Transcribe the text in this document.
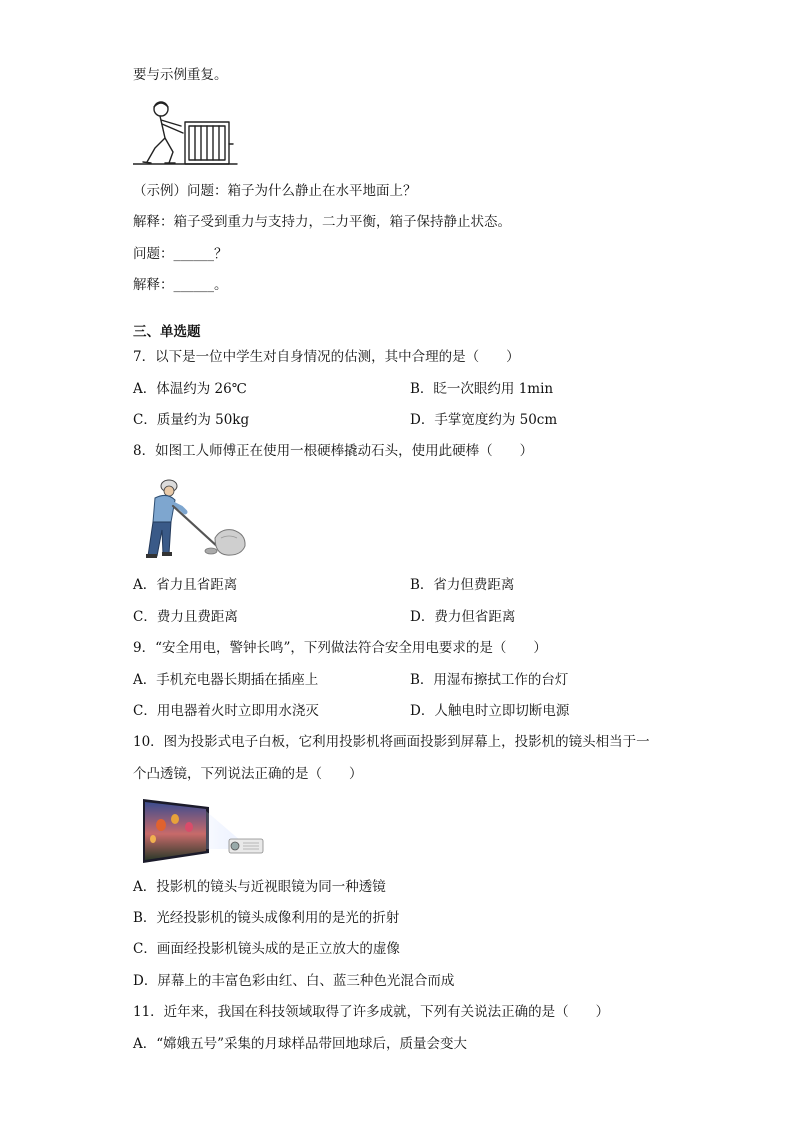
要与示例重复。
（示例）问题：箱子为什么静止在水平地面上？
解释：箱子受到重力与支持力，二力平衡，箱子保持静止状态。
问题：______？
解释：______。
三、单选题
7．以下是一位中学生对自身情况的估测，其中合理的是（　　）
A．体温约为 26℃	B．眨一次眼约用 1min
C．质量约为 50kg	D．手掌宽度约为 50cm
8．如图工人师傅正在使用一根硬棒撬动石头，使用此硬棒（　　）
A．省力且省距离	B．省力但费距离
C．费力且费距离	D．费力但省距离
9．“安全用电，警钟长鸣”，下列做法符合安全用电要求的是（　　）
A．手机充电器长期插在插座上	B．用湿布擦拭工作的台灯
C．用电器着火时立即用水浇灭	D．人触电时立即切断电源
10．图为投影式电子白板，它利用投影机将画面投影到屏幕上，投影机的镜头相当于一
个凸透镜，下列说法正确的是（　　）
A．投影机的镜头与近视眼镜为同一种透镜
B．光经投影机的镜头成像利用的是光的折射
C．画面经投影机镜头成的是正立放大的虚像
D．屏幕上的丰富色彩由红、白、蓝三种色光混合而成
11．近年来，我国在科技领域取得了许多成就，下列有关说法正确的是（　　）
A．“嫦娥五号”采集的月球样品带回地球后，质量会变大
